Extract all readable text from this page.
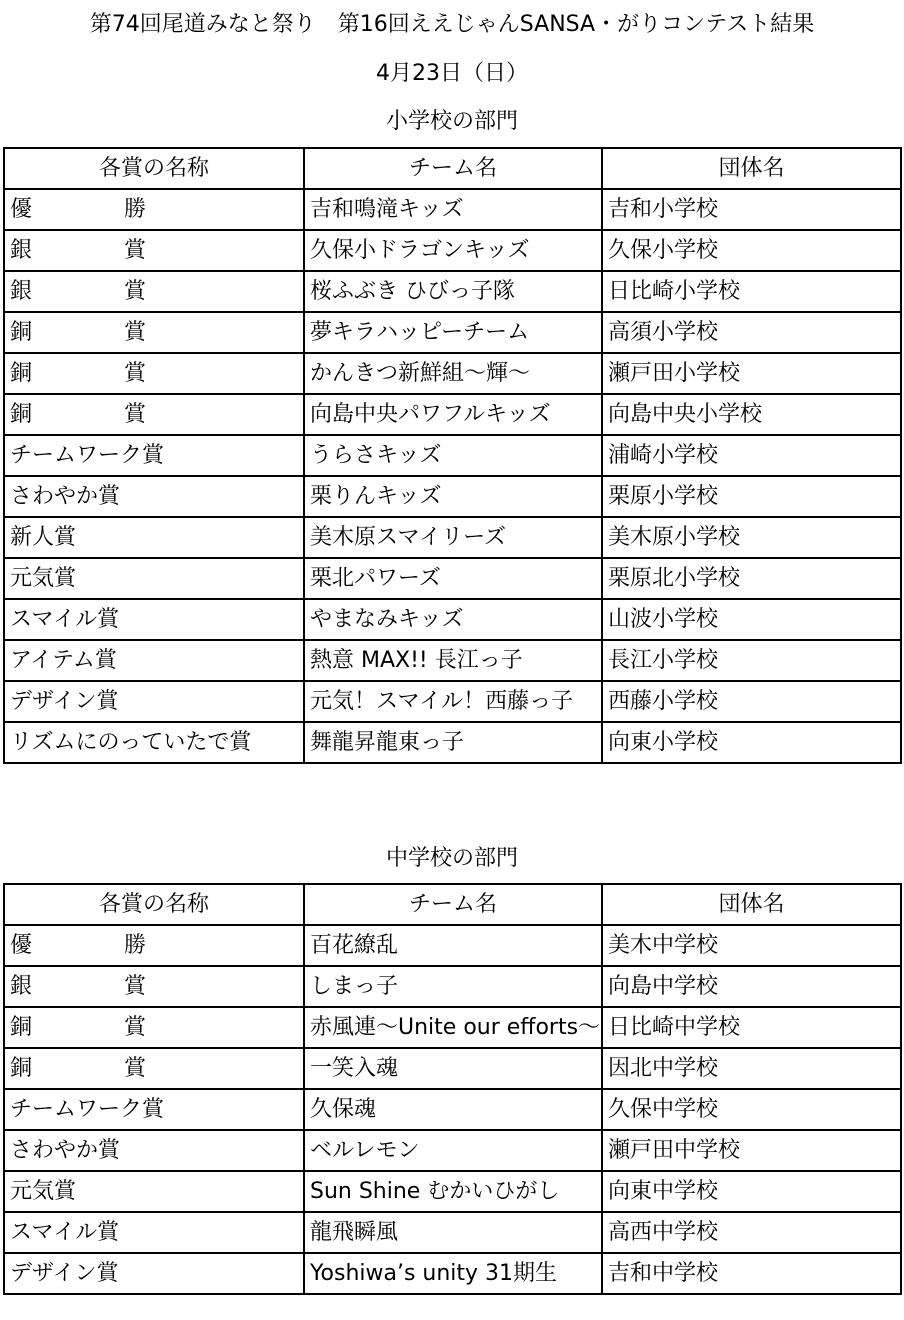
第74回尾道みなと祭り　第16回ええじゃんSANSA・がりコンテスト結果
4月23日（日）
小学校の部門
各賞の名称	チーム名	団体名

優 勝	吉和鳴滝キッズ	吉和小学校

銀 賞	久保小ドラゴンキッズ	久保小学校

銀 賞	桜ふぶき ひびっ子隊	日比崎小学校

銅 賞	夢キラハッピーチーム	高須小学校

銅 賞	かんきつ新鮮組～輝～	瀬戸田小学校

銅 賞	向島中央パワフルキッズ	向島中央小学校

チームワーク賞	うらさキッズ	浦崎小学校

さわやか賞	栗りんキッズ	栗原小学校

新人賞	美木原スマイリーズ	美木原小学校

元気賞	栗北パワーズ	栗原北小学校

スマイル賞	やまなみキッズ	山波小学校

アイテム賞	熱意 MAX!! 長江っ子	長江小学校

デザイン賞	元気！スマイル！西藤っ子	西藤小学校

リズムにのっていたで賞	舞龍昇龍東っ子	向東小学校
中学校の部門
各賞の名称	チーム名	団体名

優 勝	百花繚乱	美木中学校

銀 賞	しまっ子	向島中学校

銅 賞	赤風連～Unite our efforts～	日比崎中学校

銅 賞	一笑入魂	因北中学校

チームワーク賞	久保魂	久保中学校

さわやか賞	ベルレモン	瀬戸田中学校

元気賞	Sun Shine むかいひがし	向東中学校

スマイル賞	龍飛瞬風	高西中学校

デザイン賞	Yoshiwa’s unity 31期生	吉和中学校
